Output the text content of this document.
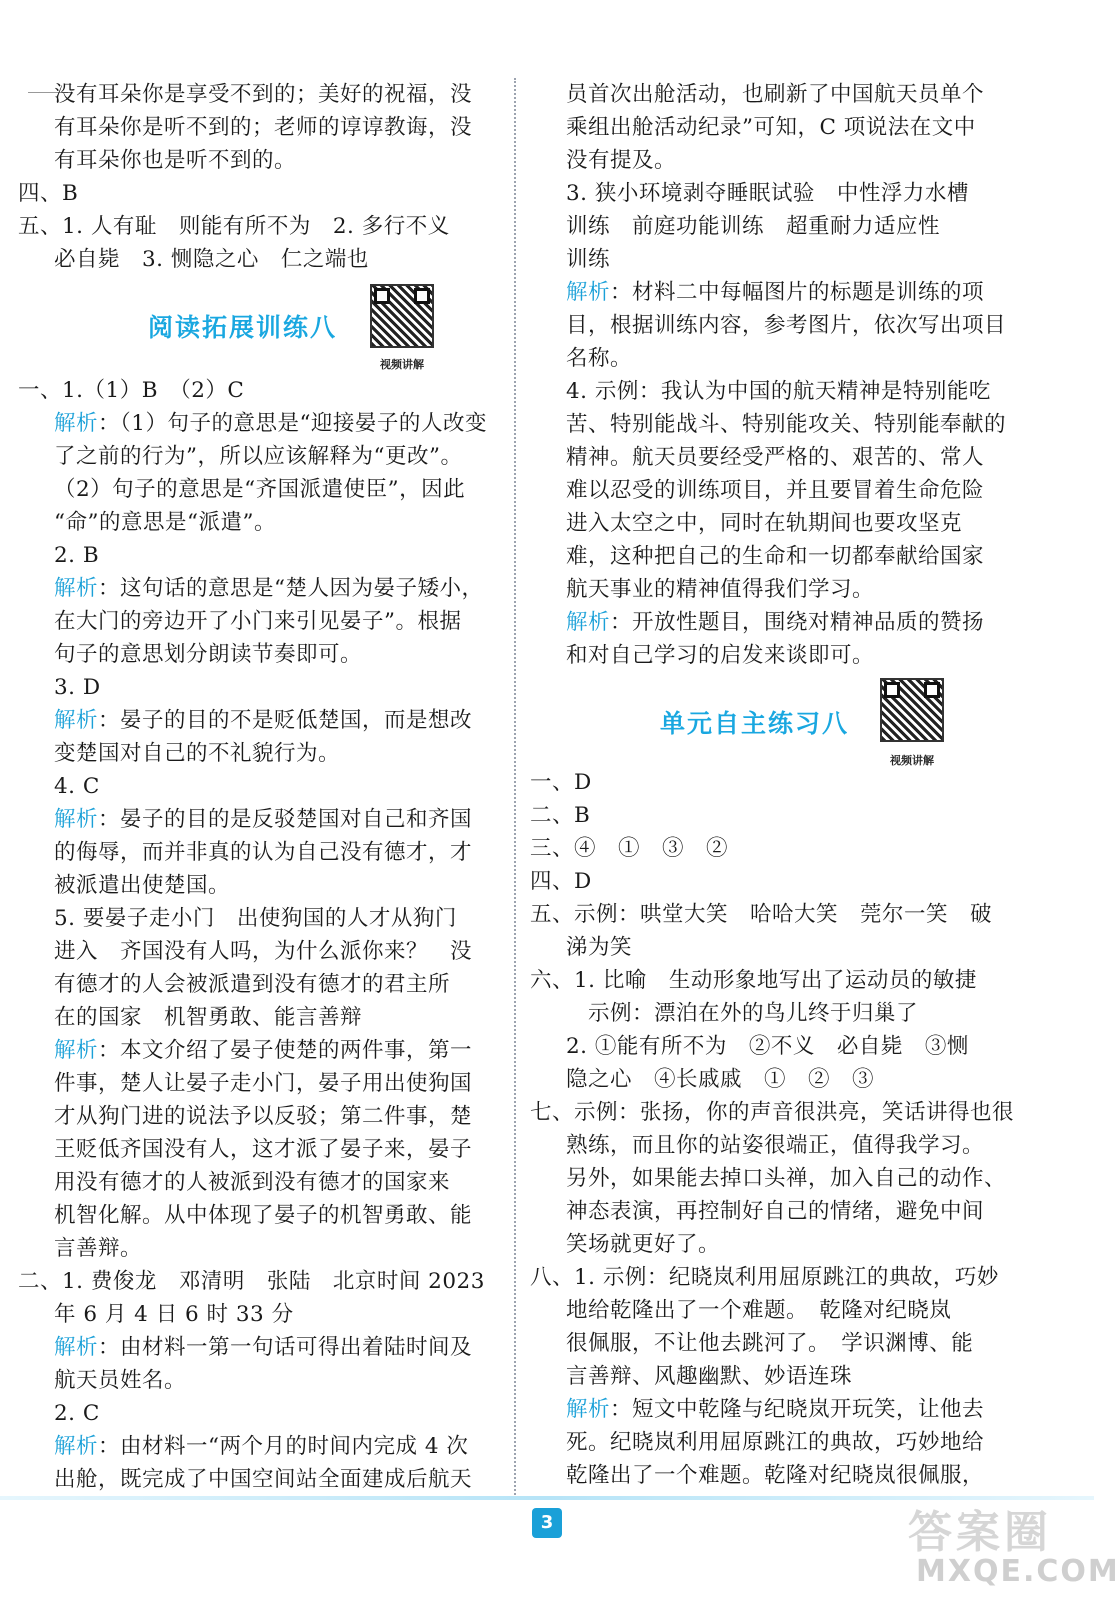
没有耳朵你是享受不到的；美好的祝福，没
有耳朵你是听不到的；老师的谆谆教诲，没
有耳朵你也是听不到的。
四、B
五、1. 人有耻　则能有所不为　2. 多行不义
必自毙　3. 恻隐之心　仁之端也
阅读拓展训练八
视频讲解
一、1.（1）B　（2）C
解析：（1）句子的意思是“迎接晏子的人改变
了之前的行为”，所以应该解释为“更改”。
（2）句子的意思是“齐国派遣使臣”，因此
“命”的意思是“派遣”。
2. B
解析：这句话的意思是“楚人因为晏子矮小，
在大门的旁边开了小门来引见晏子”。根据
句子的意思划分朗读节奏即可。
3. D
解析：晏子的目的不是贬低楚国，而是想改
变楚国对自己的不礼貌行为。
4. C
解析：晏子的目的是反驳楚国对自己和齐国
的侮辱，而并非真的认为自己没有德才，才
被派遣出使楚国。
5. 要晏子走小门　出使狗国的人才从狗门
进入　齐国没有人吗，为什么派你来？　没
有德才的人会被派遣到没有德才的君主所
在的国家　机智勇敢、能言善辩
解析：本文介绍了晏子使楚的两件事，第一
件事，楚人让晏子走小门，晏子用出使狗国
才从狗门进的说法予以反驳；第二件事，楚
王贬低齐国没有人，这才派了晏子来，晏子
用没有德才的人被派到没有德才的国家来
机智化解。从中体现了晏子的机智勇敢、能
言善辩。
二、1. 费俊龙　邓清明　张陆　北京时间 2023
年 6 月 4 日 6 时 33 分
解析：由材料一第一句话可得出着陆时间及
航天员姓名。
2. C
解析：由材料一“两个月的时间内完成 4 次
出舱，既完成了中国空间站全面建成后航天
员首次出舱活动，也刷新了中国航天员单个
乘组出舱活动纪录”可知，C 项说法在文中
没有提及。
3. 狭小环境剥夺睡眠试验　中性浮力水槽
训练　前庭功能训练　超重耐力适应性
训练
解析：材料二中每幅图片的标题是训练的项
目，根据训练内容，参考图片，依次写出项目
名称。
4. 示例：我认为中国的航天精神是特别能吃
苦、特别能战斗、特别能攻关、特别能奉献的
精神。航天员要经受严格的、艰苦的、常人
难以忍受的训练项目，并且要冒着生命危险
进入太空之中，同时在轨期间也要攻坚克
难，这种把自己的生命和一切都奉献给国家
航天事业的精神值得我们学习。
解析：开放性题目，围绕对精神品质的赞扬
和对自己学习的启发来谈即可。
单元自主练习八
视频讲解
一、D
二、B
三、④　①　③　②
四、D
五、示例：哄堂大笑　哈哈大笑　莞尔一笑　破
涕为笑
六、1. 比喻　生动形象地写出了运动员的敏捷
示例：漂泊在外的鸟儿终于归巢了
2. ①能有所不为　②不义　必自毙　③恻
隐之心　④长戚戚　①　②　③
七、示例：张扬，你的声音很洪亮，笑话讲得也很
熟练，而且你的站姿很端正，值得我学习。
另外，如果能去掉口头禅，加入自己的动作、
神态表演，再控制好自己的情绪，避免中间
笑场就更好了。
八、1. 示例：纪晓岚利用屈原跳江的典故，巧妙
地给乾隆出了一个难题。　乾隆对纪晓岚
很佩服，不让他去跳河了。　学识渊博、能
言善辩、风趣幽默、妙语连珠
解析：短文中乾隆与纪晓岚开玩笑，让他去
死。纪晓岚利用屈原跳江的典故，巧妙地给
乾隆出了一个难题。乾隆对纪晓岚很佩服，
3	答案圈
MXQE.COM
